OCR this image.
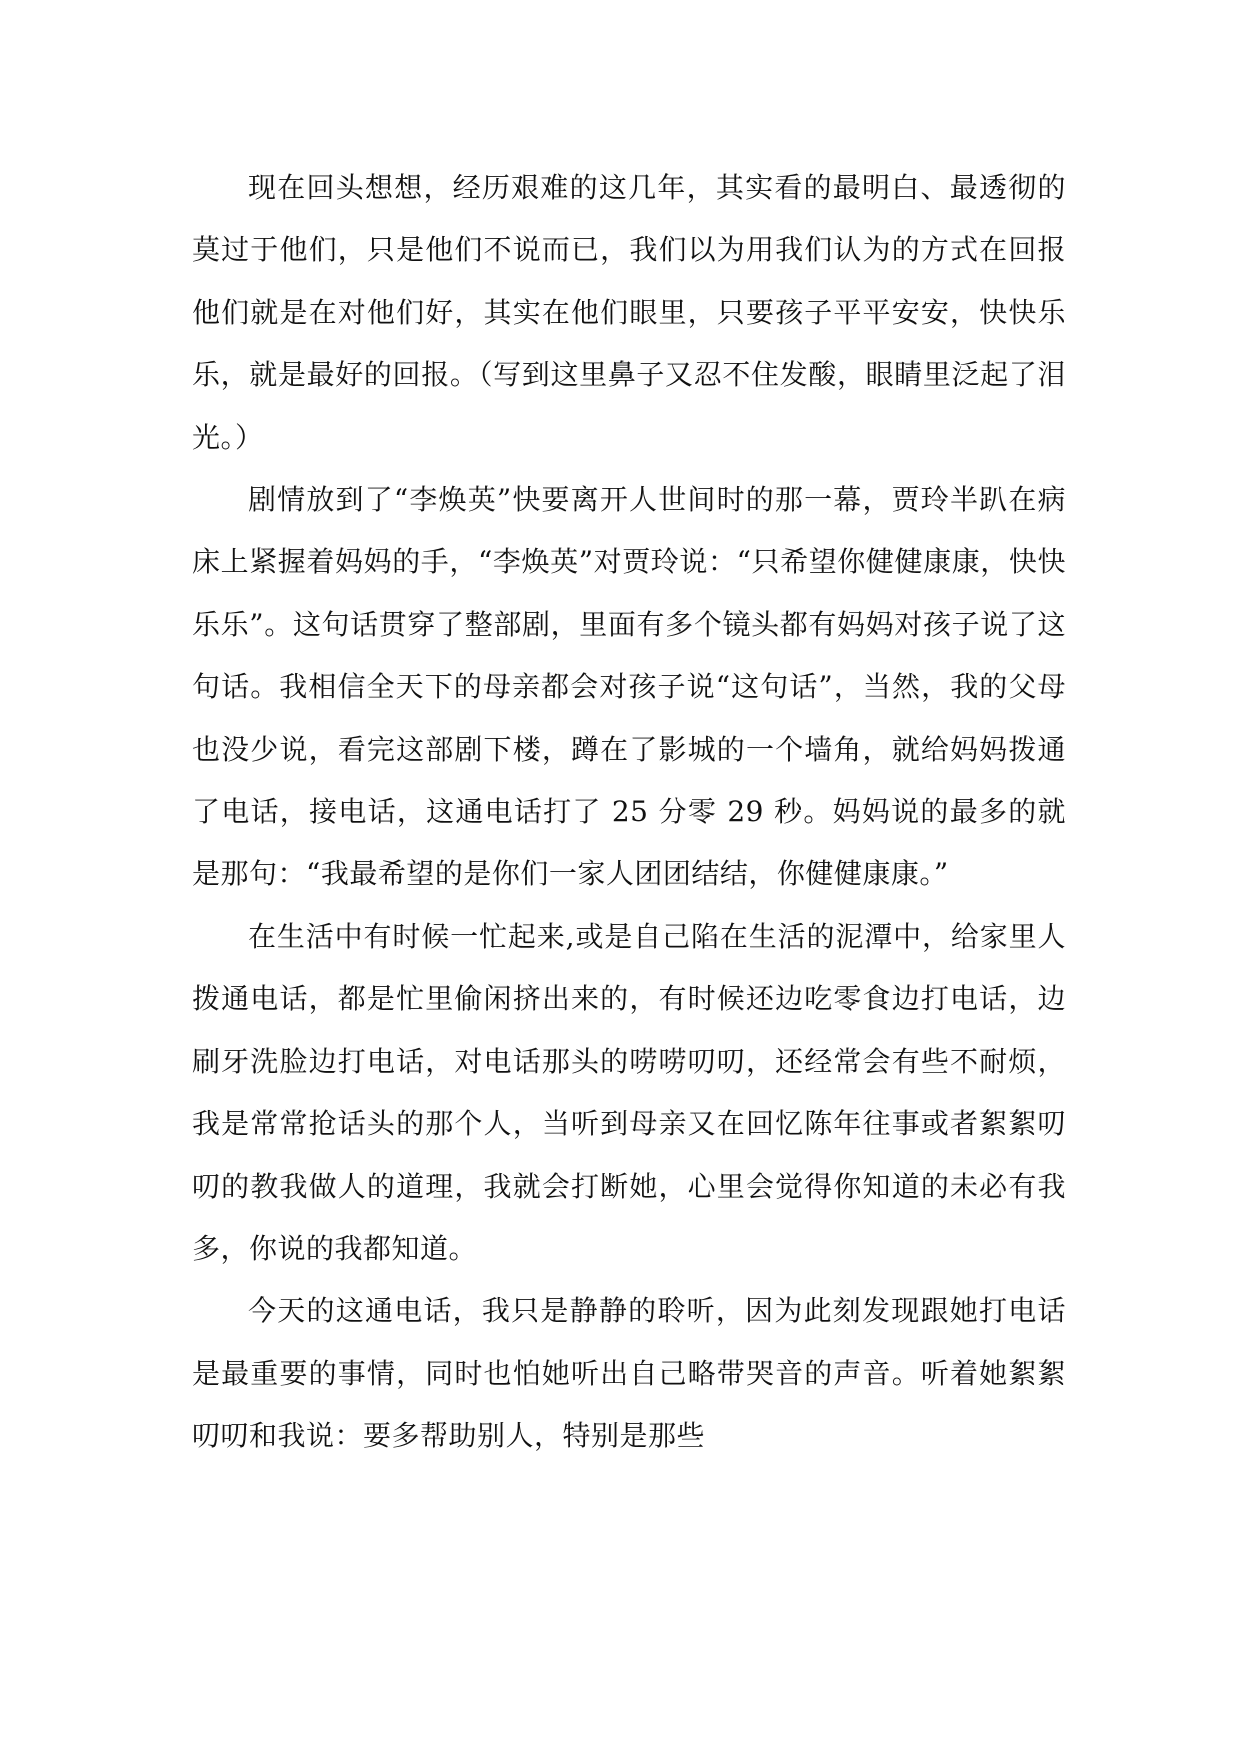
现在回头想想，经历艰难的这几年，其实看的最明白、最透彻的莫过于他们，只是他们不说而已，我们以为用我们认为的方式在回报他们就是在对他们好，其实在他们眼里，只要孩子平平安安，快快乐乐，就是最好的回报。（写到这里鼻子又忍不住发酸，眼睛里泛起了泪光。）

剧情放到了“李焕英”快要离开人世间时的那一幕，贾玲半趴在病床上紧握着妈妈的手，“李焕英”对贾玲说：“只希望你健健康康，快快乐乐”。这句话贯穿了整部剧，里面有多个镜头都有妈妈对孩子说了这句话。我相信全天下的母亲都会对孩子说“这句话”，当然，我的父母也没少说，看完这部剧下楼，蹲在了影城的一个墙角，就给妈妈拨通了电话，接电话，这通电话打了 25 分零 29 秒。妈妈说的最多的就是那句：“我最希望的是你们一家人团团结结，你健健康康。”

在生活中有时候一忙起来,或是自己陷在生活的泥潭中，给家里人拨通电话，都是忙里偷闲挤出来的，有时候还边吃零食边打电话，边刷牙洗脸边打电话，对电话那头的唠唠叨叨，还经常会有些不耐烦，我是常常抢话头的那个人，当听到母亲又在回忆陈年往事或者絮絮叨叨的教我做人的道理，我就会打断她，心里会觉得你知道的未必有我多，你说的我都知道。

今天的这通电话，我只是静静的聆听，因为此刻发现跟她打电话是最重要的事情，同时也怕她听出自己略带哭音的声音。听着她絮絮叨叨和我说：要多帮助别人，特别是那些
